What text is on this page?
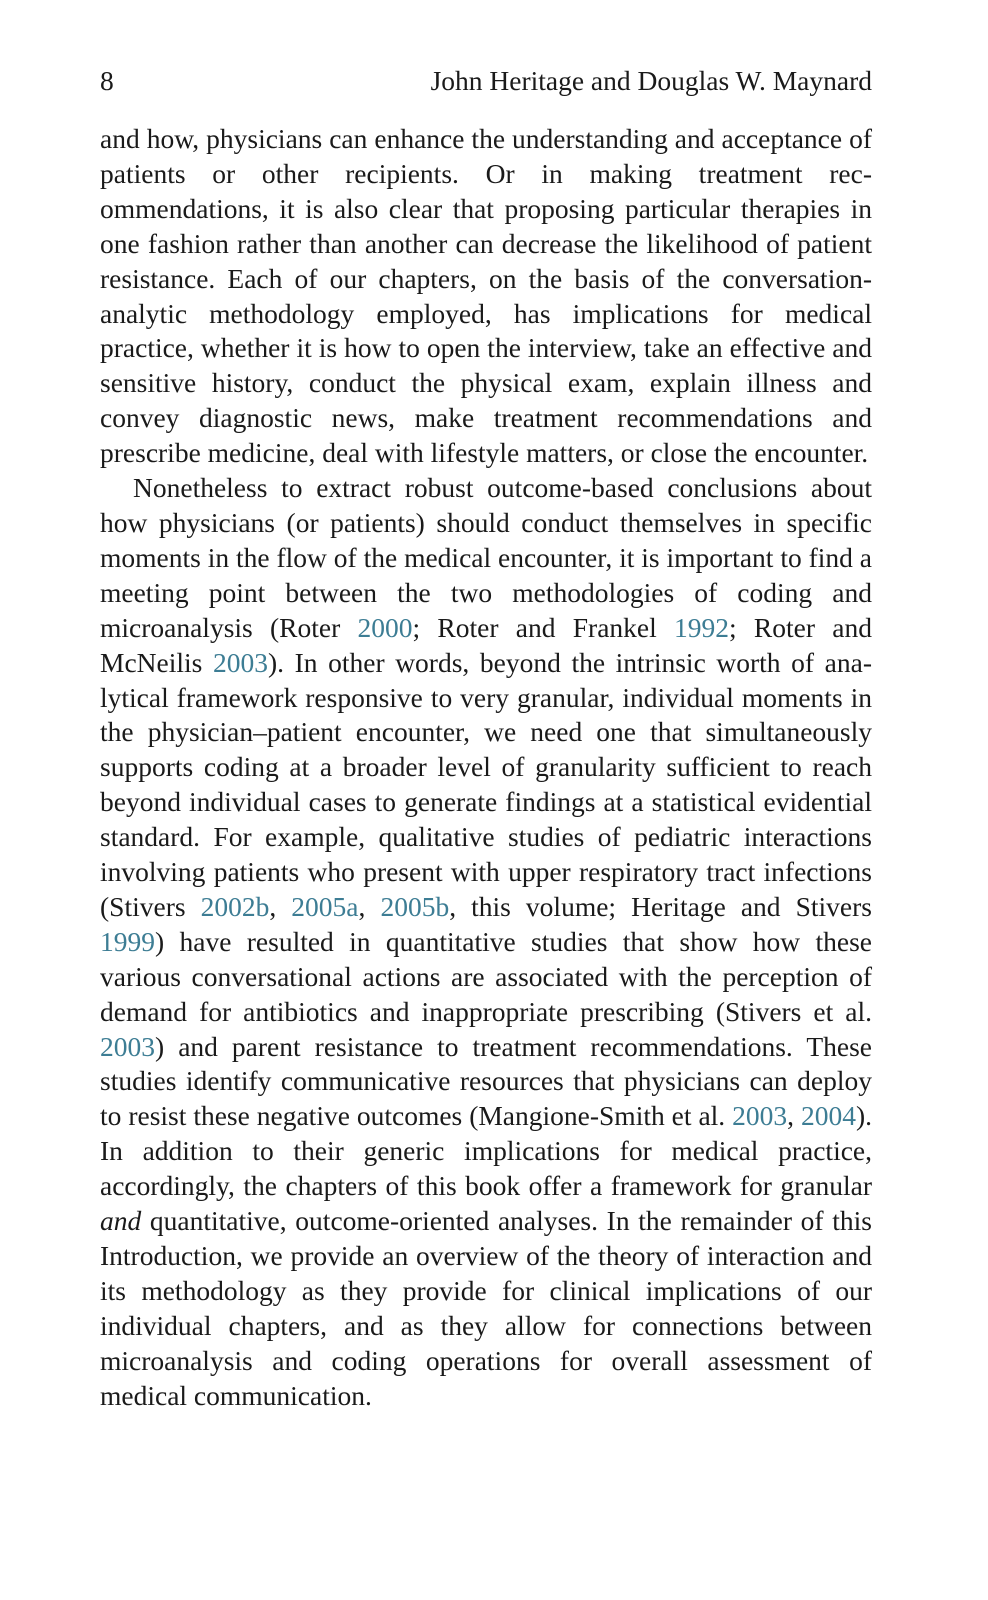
8	John Heritage and Douglas W. Maynard

and how, physicians can enhance the understanding and acceptance of patients or other recipients. Or in making treatment recommendations, it is also clear that proposing particular therapies in one fashion rather than another can decrease the likelihood of patient resistance. Each of our chapters, on the basis of the conversation-analytic methodology employed, has implications for medical practice, whether it is how to open the interview, take an effective and sensitive history, conduct the physical exam, explain illness and convey diagnostic news, make treatment recommendations and prescribe medicine, deal with lifestyle matters, or close the encounter.

Nonetheless to extract robust outcome-based conclusions about how physicians (or patients) should conduct themselves in specific moments in the flow of the medical encounter, it is important to find a meeting point between the two methodologies of coding and microanalysis (Roter 2000; Roter and Frankel 1992; Roter and McNeilis 2003). In other words, beyond the intrinsic worth of analytical framework responsive to very granular, individual moments in the physician–patient encounter, we need one that simultaneously supports coding at a broader level of granularity sufficient to reach beyond individual cases to generate findings at a statistical evidential standard. For example, qualitative studies of pediatric interactions involving patients who present with upper respiratory tract infections (Stivers 2002b, 2005a, 2005b, this volume; Heritage and Stivers 1999) have resulted in quantitative studies that show how these various conversational actions are associated with the perception of demand for antibiotics and inappropriate prescribing (Stivers et al. 2003) and parent resistance to treatment recommendations. These studies identify communicative resources that physicians can deploy to resist these negative outcomes (Mangione-Smith et al. 2003, 2004). In addition to their generic implications for medical practice, accordingly, the chapters of this book offer a framework for granular and quantitative, outcome-oriented analyses. In the remainder of this Introduction, we provide an overview of the theory of interaction and its methodology as they provide for clinical implications of our individual chapters, and as they allow for connections between microanalysis and coding operations for overall assessment of medical communication.
